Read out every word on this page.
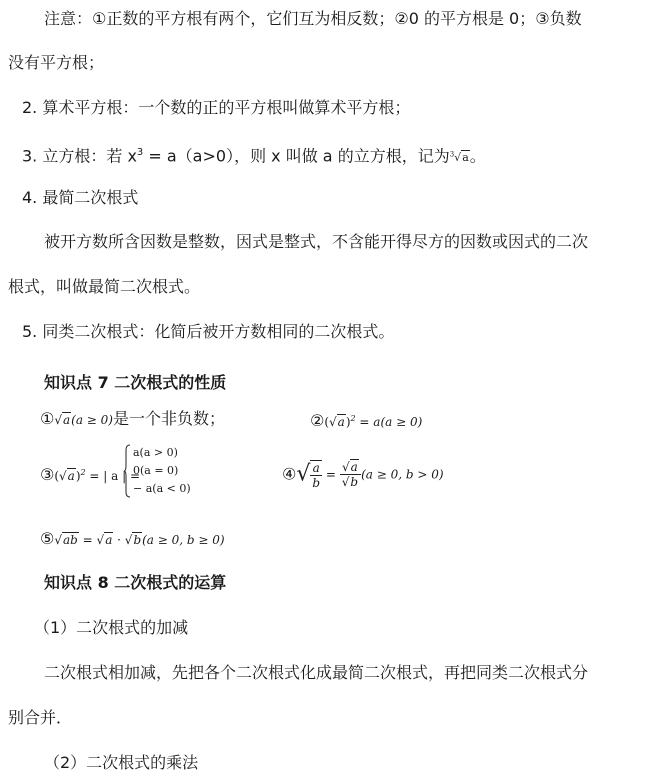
注意：①正数的平方根有两个，它们互为相反数；②0 的平方根是 0；③负数
没有平方根；
2. 算术平方根：一个数的正的平方根叫做算术平方根；
3. 立方根：若 $x^3 = a(a>0)$，则 x 叫做 a 的立方根，记为$^3$√a。
4. 最简二次根式
被开方数所含因数是整数，因式是整式，不含能开得尽方的因数或因式的二次
根式，叫做最简二次根式。
5. 同类二次根式：化简后被开方数相同的二次根式。
知识点 7 二次根式的性质
①√a(a ≥ 0)是一个非负数；	$②(√a)^2 = a(a \ge 0)$
$③(√a)^2$ = | a | =
a(a > 0)
0(a = 0)
− a(a < 0)
④√ $\frac{a}{b} = \frac{√a}{√b} (a \ge 0$, b > 0)
⑤√ab = √a · √b(a ≥ 0, b ≥ 0)
知识点 8 二次根式的运算
（1）二次根式的加减
二次根式相加减，先把各个二次根式化成最简二次根式，再把同类二次根式分
别合并．
（2）二次根式的乘法
